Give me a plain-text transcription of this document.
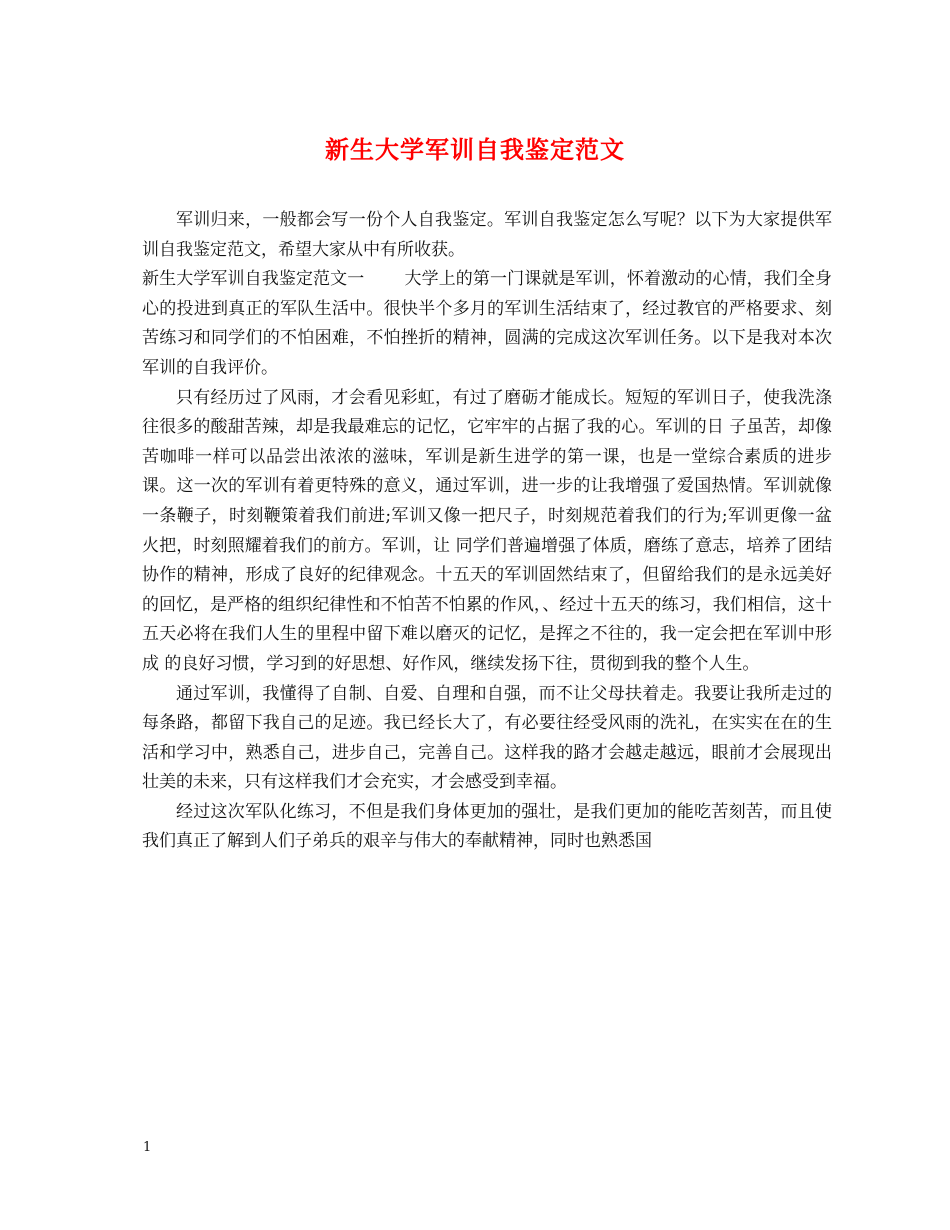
新生大学军训自我鉴定范文

军训归来，一般都会写一份个人自我鉴定。军训自我鉴定怎么写呢？以下为大家提供军训自我鉴定范文，希望大家从中有所收获。

新生大学军训自我鉴定范文一 大学上的第一门课就是军训，怀着激动的心情，我们全身心的投进到真正的军队生活中。很快半个多月的军训生活结束了，经过教官的严格要求、刻苦练习和同学们的不怕困难，不怕挫折的精神，圆满的完成这次军训任务。以下是我对本次军训的自我评价。

只有经历过了风雨，才会看见彩虹，有过了磨砺才能成长。短短的军训日子，使我洗涤往很多的酸甜苦辣，却是我最难忘的记忆，它牢牢的占据了我的心。军训的日 子虽苦，却像苦咖啡一样可以品尝出浓浓的滋味，军训是新生进学的第一课，也是一堂综合素质的进步课。这一次的军训有着更特殊的意义，通过军训，进一步的让我增强了爱国热情。军训就像一条鞭子，时刻鞭策着我们前进;军训又像一把尺子，时刻规范着我们的行为;军训更像一盆火把，时刻照耀着我们的前方。军训，让 同学们普遍增强了体质，磨练了意志，培养了团结协作的精神，形成了良好的纪律观念。十五天的军训固然结束了，但留给我们的是永远美好的回忆，是严格的组织纪律性和不怕苦不怕累的作风，、经过十五天的练习，我们相信，这十五天必将在我们人生的里程中留下难以磨灭的记忆，是挥之不往的，我一定会把在军训中形成 的良好习惯，学习到的好思想、好作风，继续发扬下往，贯彻到我的整个人生。

通过军训，我懂得了自制、自爱、自理和自强，而不让父母扶着走。我要让我所走过的每条路，都留下我自己的足迹。我已经长大了，有必要往经受风雨的洗礼，在实实在在的生活和学习中，熟悉自己，进步自己，完善自己。这样我的路才会越走越远，眼前才会展现出壮美的未来，只有这样我们才会充实，才会感受到幸福。

经过这次军队化练习，不但是我们身体更加的强壮，是我们更加的能吃苦刻苦，而且使我们真正了解到人们子弟兵的艰辛与伟大的奉献精神，同时也熟悉国

1
